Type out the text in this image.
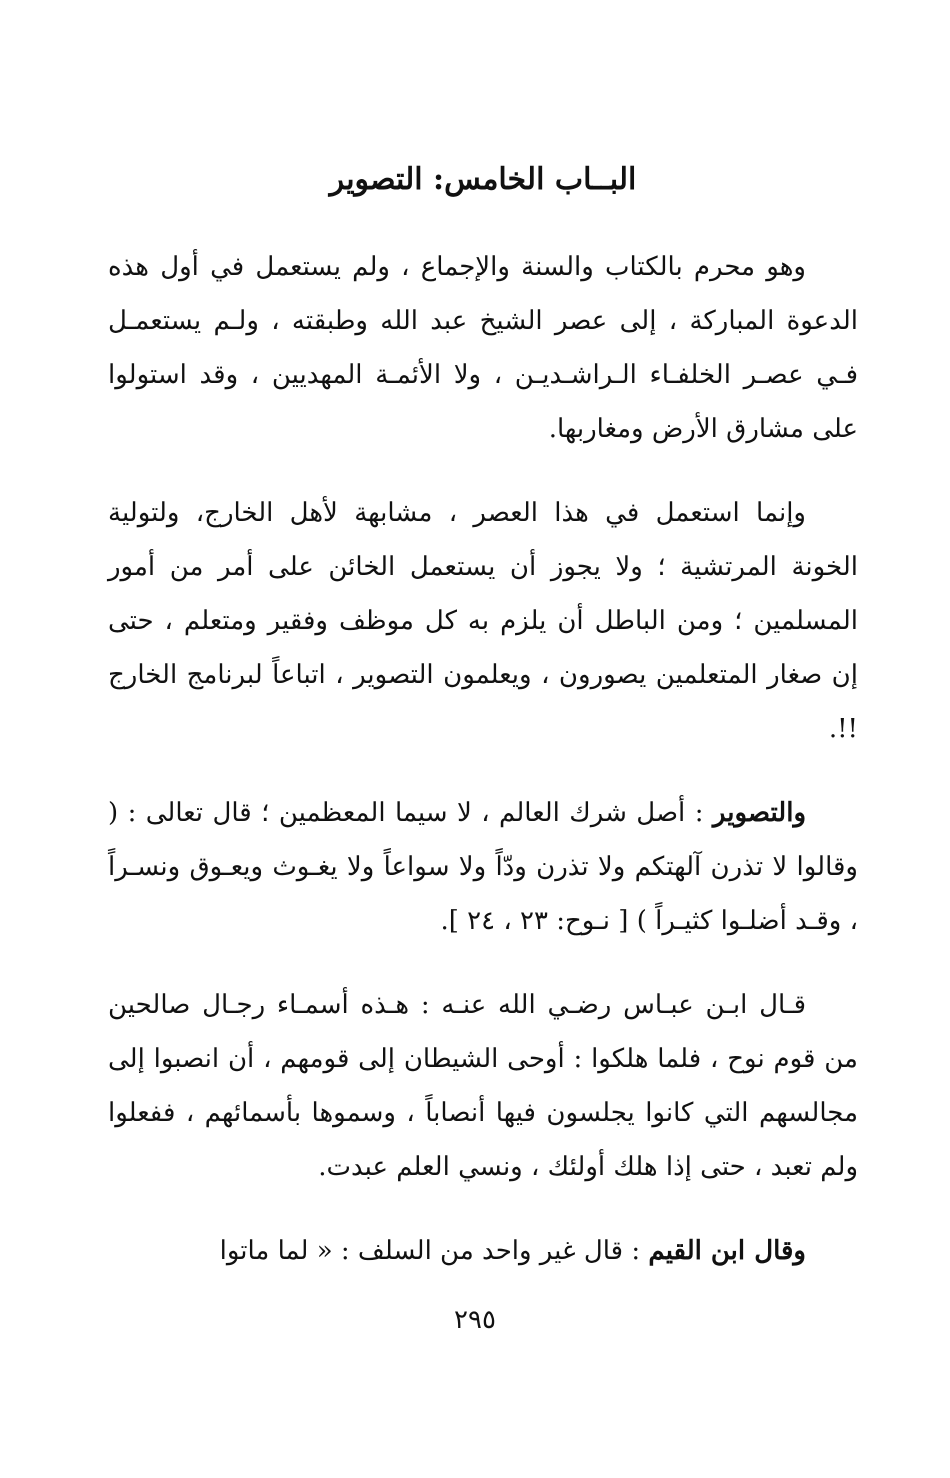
البــاب الخامس: التصوير

وهو محرم بالكتاب والسنة والإجماع ، ولم يستعمل في أول هذه الدعوة المباركة ، إلى عصر الشيخ عبد الله وطبقته ، ولـم يستعمـل فـي عصـر الخلفـاء الـراشـديـن ، ولا الأئمـة المهديين ، وقد استولوا على مشارق الأرض ومغاربها.

وإنما استعمل في هذا العصر ، مشابهة لأهل الخارج، ولتولية الخونة المرتشية ؛ ولا يجوز أن يستعمل الخائن على أمر من أمور المسلمين ؛ ومن الباطل أن يلزم به كل موظف وفقير ومتعلم ، حتى إن صغار المتعلمين يصورون ، ويعلمون التصوير ، اتباعاً لبرنامج الخارج !!.

والتصوير : أصل شرك العالم ، لا سيما المعظمين ؛ قال تعالى : ( وقالوا لا تذرن آلهتكم ولا تذرن ودّاً ولا سواعاً ولا يغـوث ويعـوق ونسـراً ، وقـد أضلـوا كثيـراً ) [ نـوح: ٢٣ ، ٢٤ ].

قـال ابـن عبـاس رضـي الله عنـه : هـذه أسمـاء رجـال صالحين من قوم نوح ، فلما هلكوا : أوحى الشيطان إلى قومهم ، أن انصبوا إلى مجالسهم التي كانوا يجلسون فيها أنصاباً ، وسموها بأسمائهم ، ففعلوا ولم تعبد ، حتى إذا هلك أولئك ، ونسي العلم عبدت.

وقال ابن القيم : قال غير واحد من السلف : « لما ماتوا

٢٩٥
